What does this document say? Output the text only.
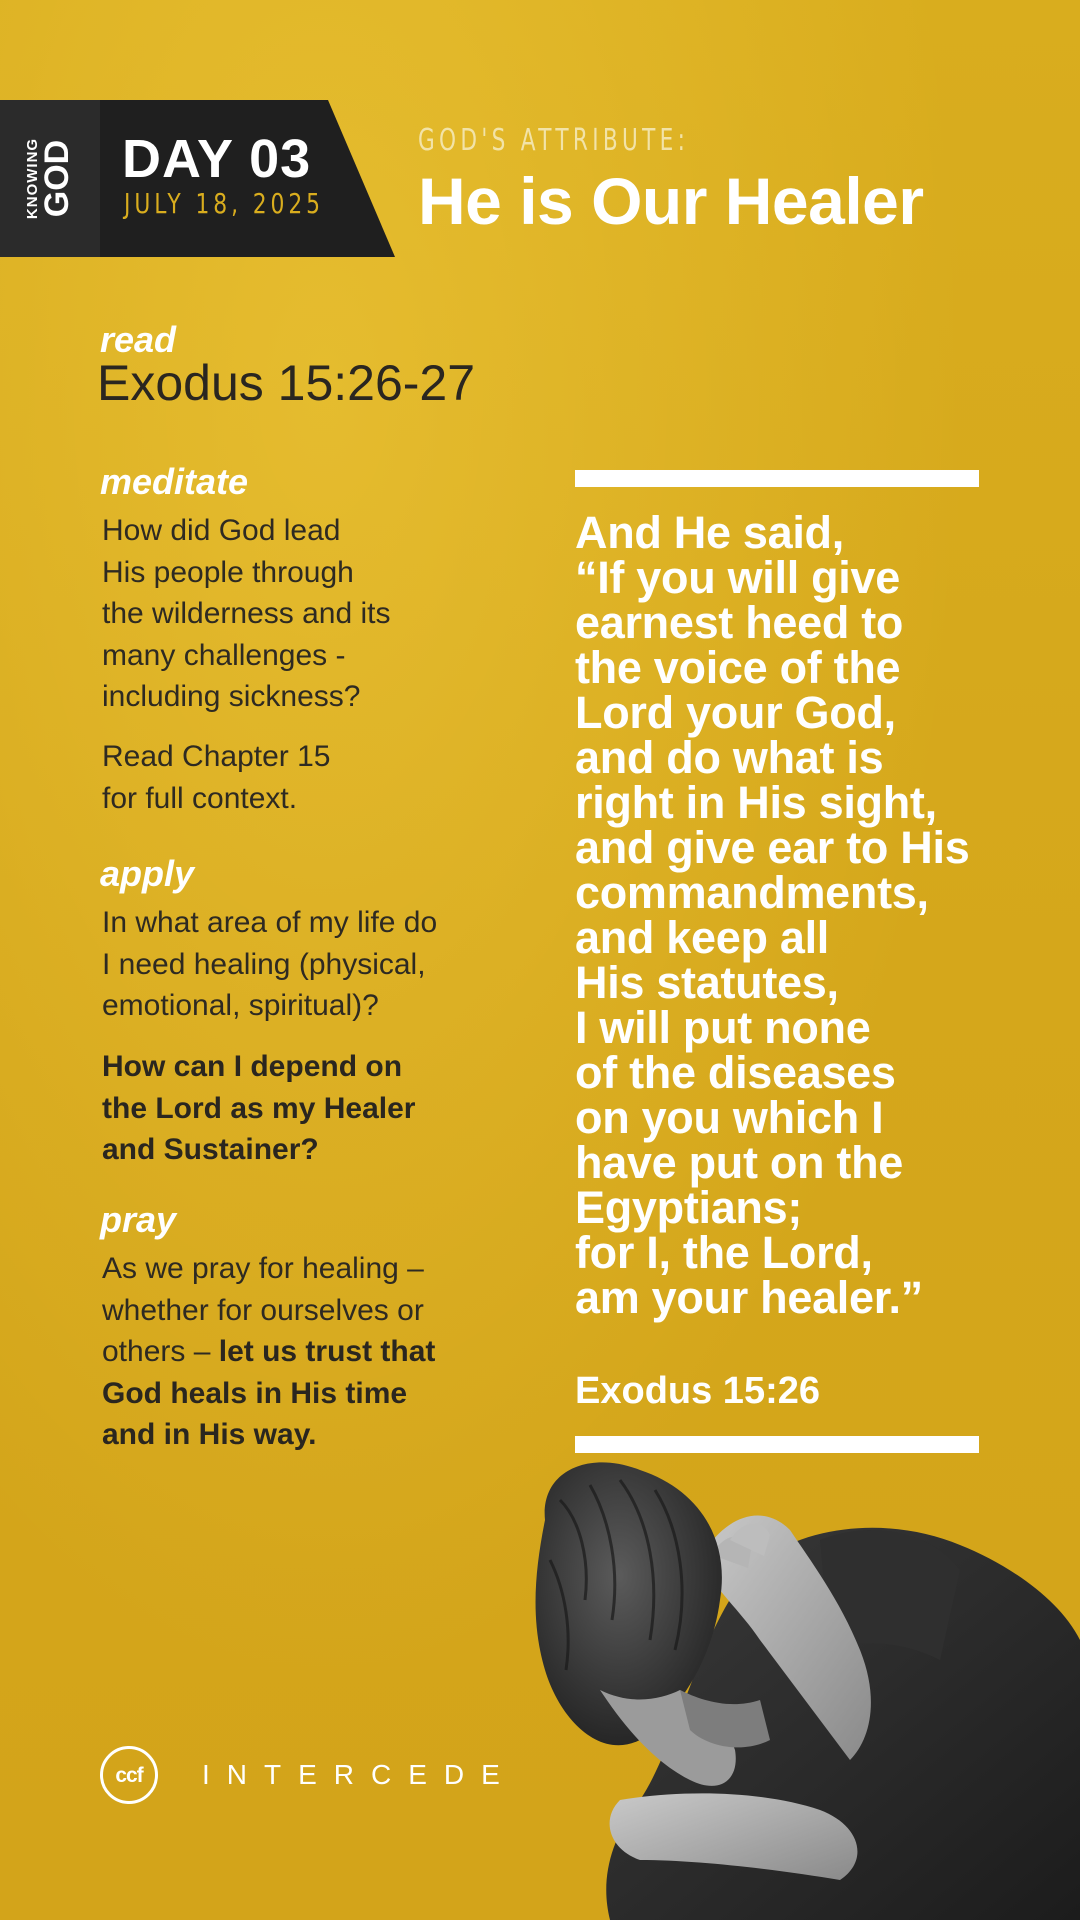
KNOWING
GOD DAY 03
JULY 18, 2025
GOD'S ATTRIBUTE:
He is Our Healer
read
Exodus 15:26-27
meditate
How did God lead
His people through
the wilderness and its
many challenges -
including sickness?
Read Chapter 15
for full context.
apply
In what area of my life do
I need healing (physical,
emotional, spiritual)?
How can I depend on
the Lord as my Healer
and Sustainer?
pray
As we pray for healing –
whether for ourselves or
others – let us trust that
God heals in His time
and in His way.
And He said,
“If you will give
earnest heed to
the voice of the
Lord your God,
and do what is
right in His sight,
and give ear to His
commandments,
and keep all
His statutes,
I will put none
of the diseases
on you which I
have put on the
Egyptians;
for I, the Lord,
am your healer.”
Exodus 15:26
ccf INTERCEDE
